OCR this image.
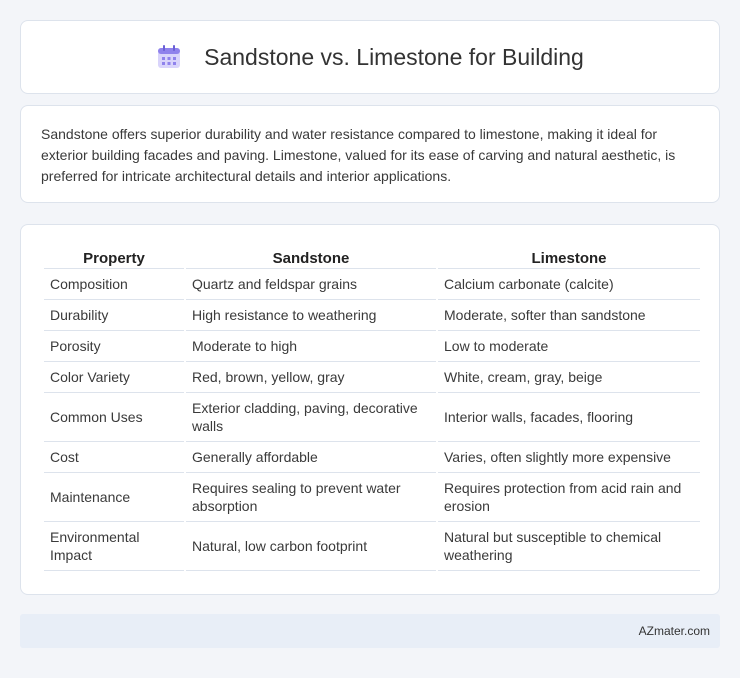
Sandstone vs. Limestone for Building

Sandstone offers superior durability and water resistance compared to limestone, making it ideal for exterior building facades and paving. Limestone, valued for its ease of carving and natural aesthetic, is preferred for intricate architectural details and interior applications.

Property	Sandstone	Limestone
Composition	Quartz and feldspar grains	Calcium carbonate (calcite)
Durability	High resistance to weathering	Moderate, softer than sandstone
Porosity	Moderate to high	Low to moderate
Color Variety	Red, brown, yellow, gray	White, cream, gray, beige
Common Uses	Exterior cladding, paving, decorative walls	Interior walls, facades, flooring
Cost	Generally affordable	Varies, often slightly more expensive
Maintenance	Requires sealing to prevent water absorption	Requires protection from acid rain and erosion
Environmental Impact	Natural, low carbon footprint	Natural but susceptible to chemical weathering
AZmater.com
